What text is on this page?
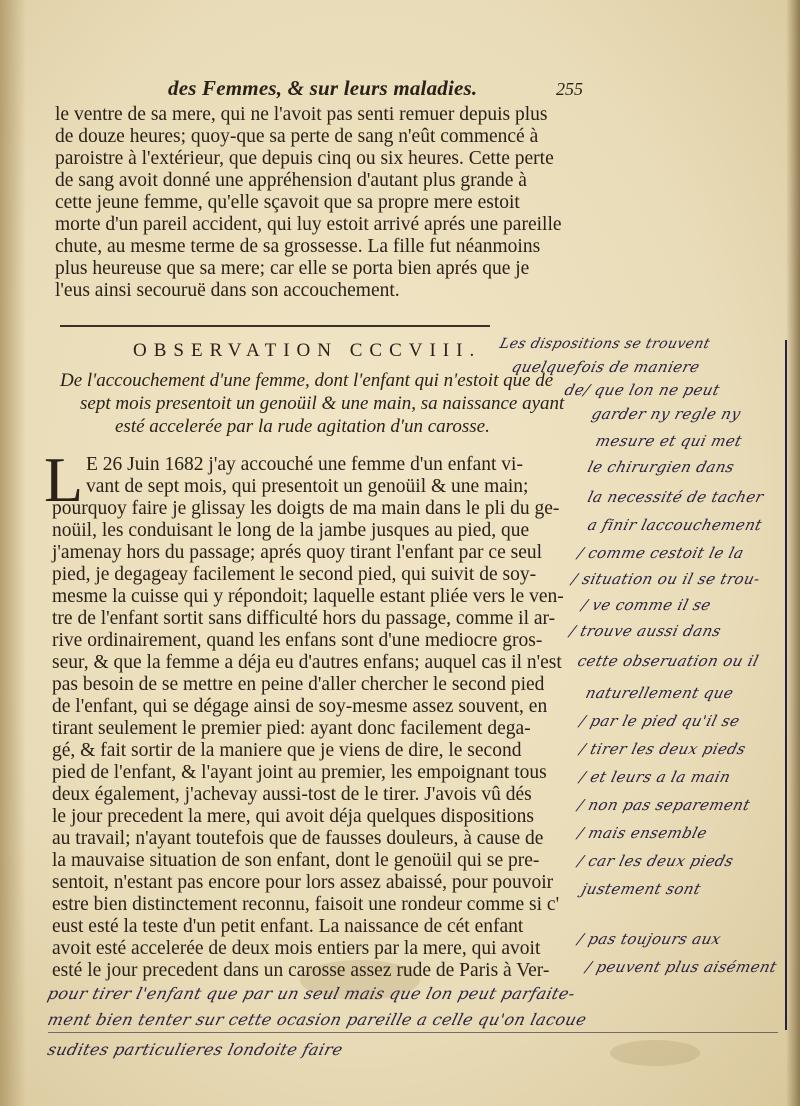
des Femmes, & sur leurs maladies.	255
le ventre de sa mere, qui ne l'avoit pas senti remuer depuis plus
de douze heures; quoy-que sa perte de sang n'eût commencé à
paroistre à l'extérieur, que depuis cinq ou six heures. Cette perte
de sang avoit donné une appréhension d'autant plus grande à
cette jeune femme, qu'elle sçavoit que sa propre mere estoit
morte d'un pareil accident, qui luy estoit arrivé aprés une pareille
chute, au mesme terme de sa grossesse. La fille fut néanmoins
plus heureuse que sa mere; car elle se porta bien aprés que je
l'eus ainsi secouruë dans son accouchement.
OBSERVATION CCCVIII.
De l'accouchement d'une femme, dont l'enfant qui n'estoit que de
sept mois presentoit un genoüil & une main, sa naissance ayant
esté accelerée par la rude agitation d'un carosse.
L E 26 Juin 1682 j'ay accouché une femme d'un enfant vi-
vant de sept mois, qui presentoit un genoüil & une main;
pourquoy faire je glissay les doigts de ma main dans le pli du ge-
noüil, les conduisant le long de la jambe jusques au pied, que
j'amenay hors du passage; aprés quoy tirant l'enfant par ce seul
pied, je degageay facilement le second pied, qui suivit de soy-
mesme la cuisse qui y répondoit; laquelle estant pliée vers le ven-
tre de l'enfant sortit sans difficulté hors du passage, comme il ar-
rive ordinairement, quand les enfans sont d'une mediocre gros-
seur, & que la femme a déja eu d'autres enfans; auquel cas il n'est
pas besoin de se mettre en peine d'aller chercher le second pied
de l'enfant, qui se dégage ainsi de soy-mesme assez souvent, en
tirant seulement le premier pied: ayant donc facilement dega-
gé, & fait sortir de la maniere que je viens de dire, le second
pied de l'enfant, & l'ayant joint au premier, les empoignant tous
deux également, j'achevay aussi-tost de le tirer. J'avois vû dés
le jour precedent la mere, qui avoit déja quelques dispositions
au travail; n'ayant toutefois que de fausses douleurs, à cause de
la mauvaise situation de son enfant, dont le genoüil qui se pre-
sentoit, n'estant pas encore pour lors assez abaissé, pour pouvoir
estre bien distinctement reconnu, faisoit une rondeur comme si c'
eust esté la teste d'un petit enfant. La naissance de cét enfant
avoit esté accelerée de deux mois entiers par la mere, qui avoit
esté le jour precedent dans un carosse assez rude de Paris à Ver-
Les dispositions se trouvent
quelquefois de maniere
de/ que lon ne peut
garder ny regle ny
mesure et qui met
le chirurgien dans
la necessité de tacher
a finir laccouchement
/ comme cestoit le la
/ situation ou il se trou-
/ ve comme il se
/ trouve aussi dans
cette obseruation ou il
naturellement que
/ par le pied qu'il se
/ tirer les deux pieds
/ et leurs a la main
/ non pas separement
/ mais ensemble
/ car les deux pieds
justement sont
/ pas toujours aux
/ peuvent plus aisément
pour tirer l'enfant que par un seul mais que lon peut parfaite-
ment bien tenter sur cette ocasion pareille a celle qu'on lacoue
sudites particulieres londoite faire
